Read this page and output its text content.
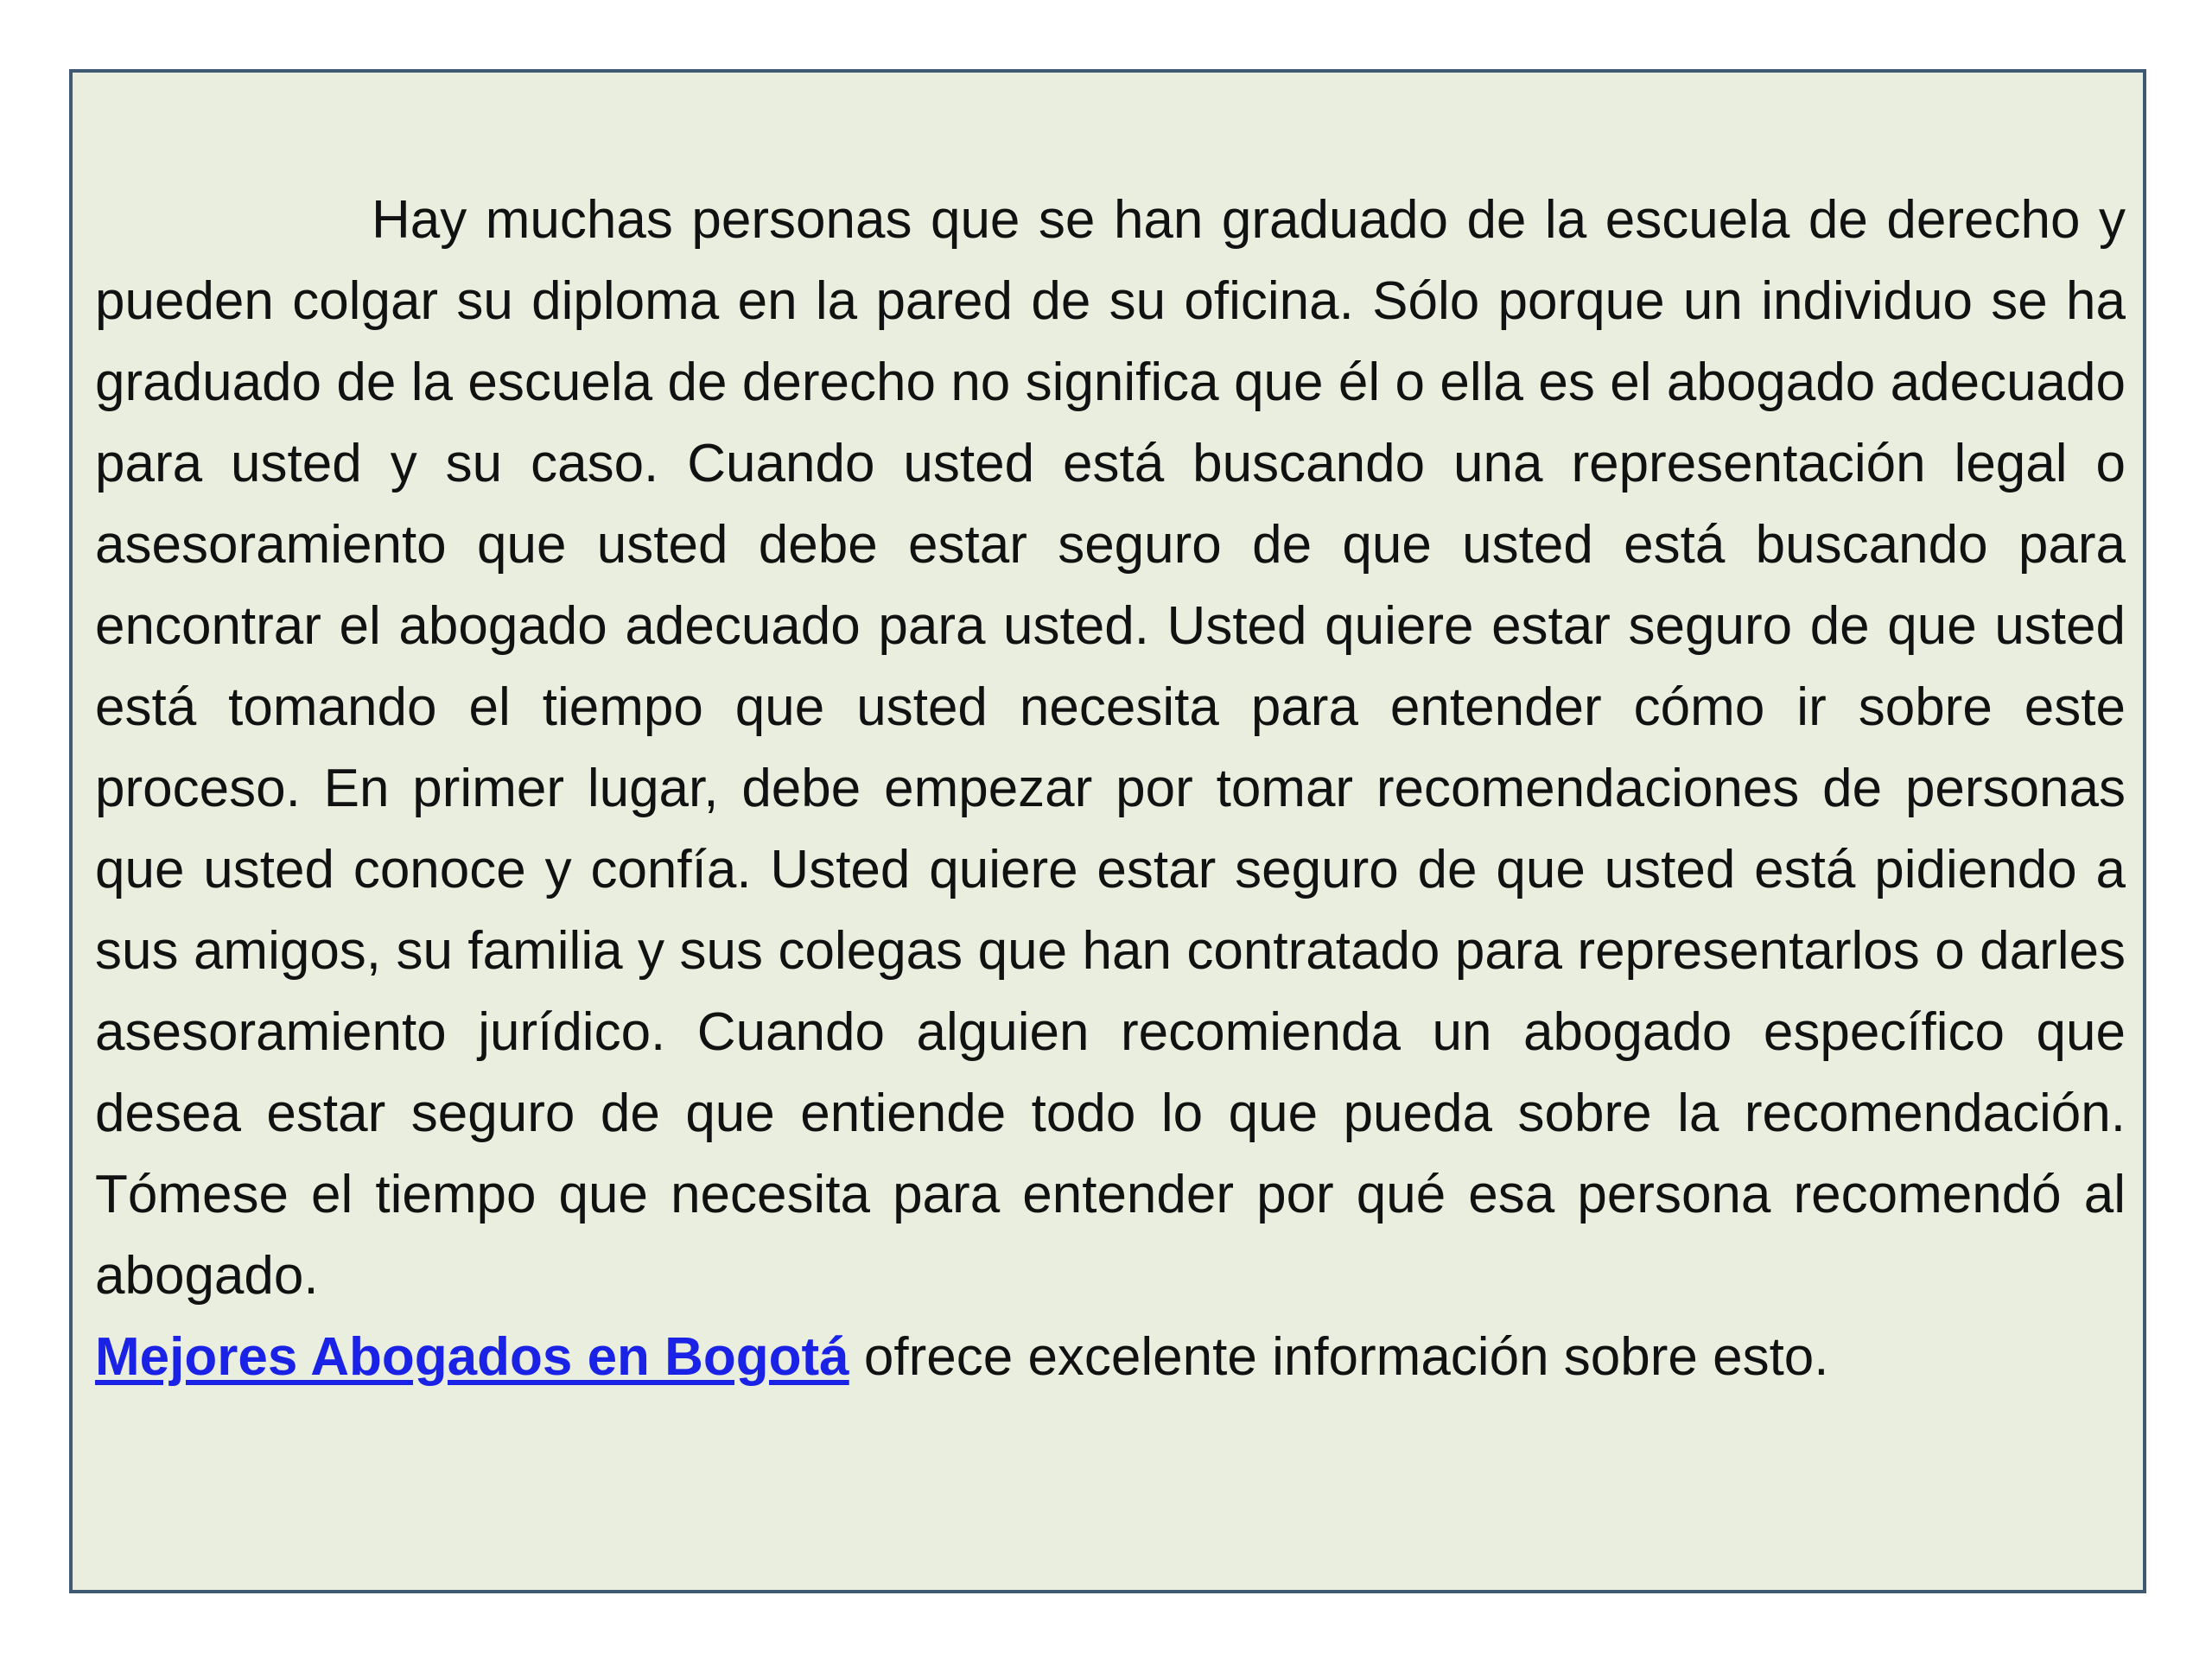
Hay muchas personas que se han graduado de la escuela de derecho y pueden colgar su diploma en la pared de su oficina. Sólo porque un individuo se ha graduado de la escuela de derecho no significa que él o ella es el abogado adecuado para usted y su caso. Cuando usted está buscando una representación legal o asesoramiento que usted debe estar seguro de que usted está buscando para encontrar el abogado adecuado para usted. Usted quiere estar seguro de que usted está tomando el tiempo que usted necesita para entender cómo ir sobre este proceso. En primer lugar, debe empezar por tomar recomendaciones de personas que usted conoce y confía. Usted quiere estar seguro de que usted está pidiendo a sus amigos, su familia y sus colegas que han contratado para representarlos o darles asesoramiento jurídico. Cuando alguien recomienda un abogado específico que desea estar seguro de que entiende todo lo que pueda sobre la recomendación. Tómese el tiempo que necesita para entender por qué esa persona recomendó al abogado.
Mejores Abogados en Bogotá ofrece excelente información sobre esto.
